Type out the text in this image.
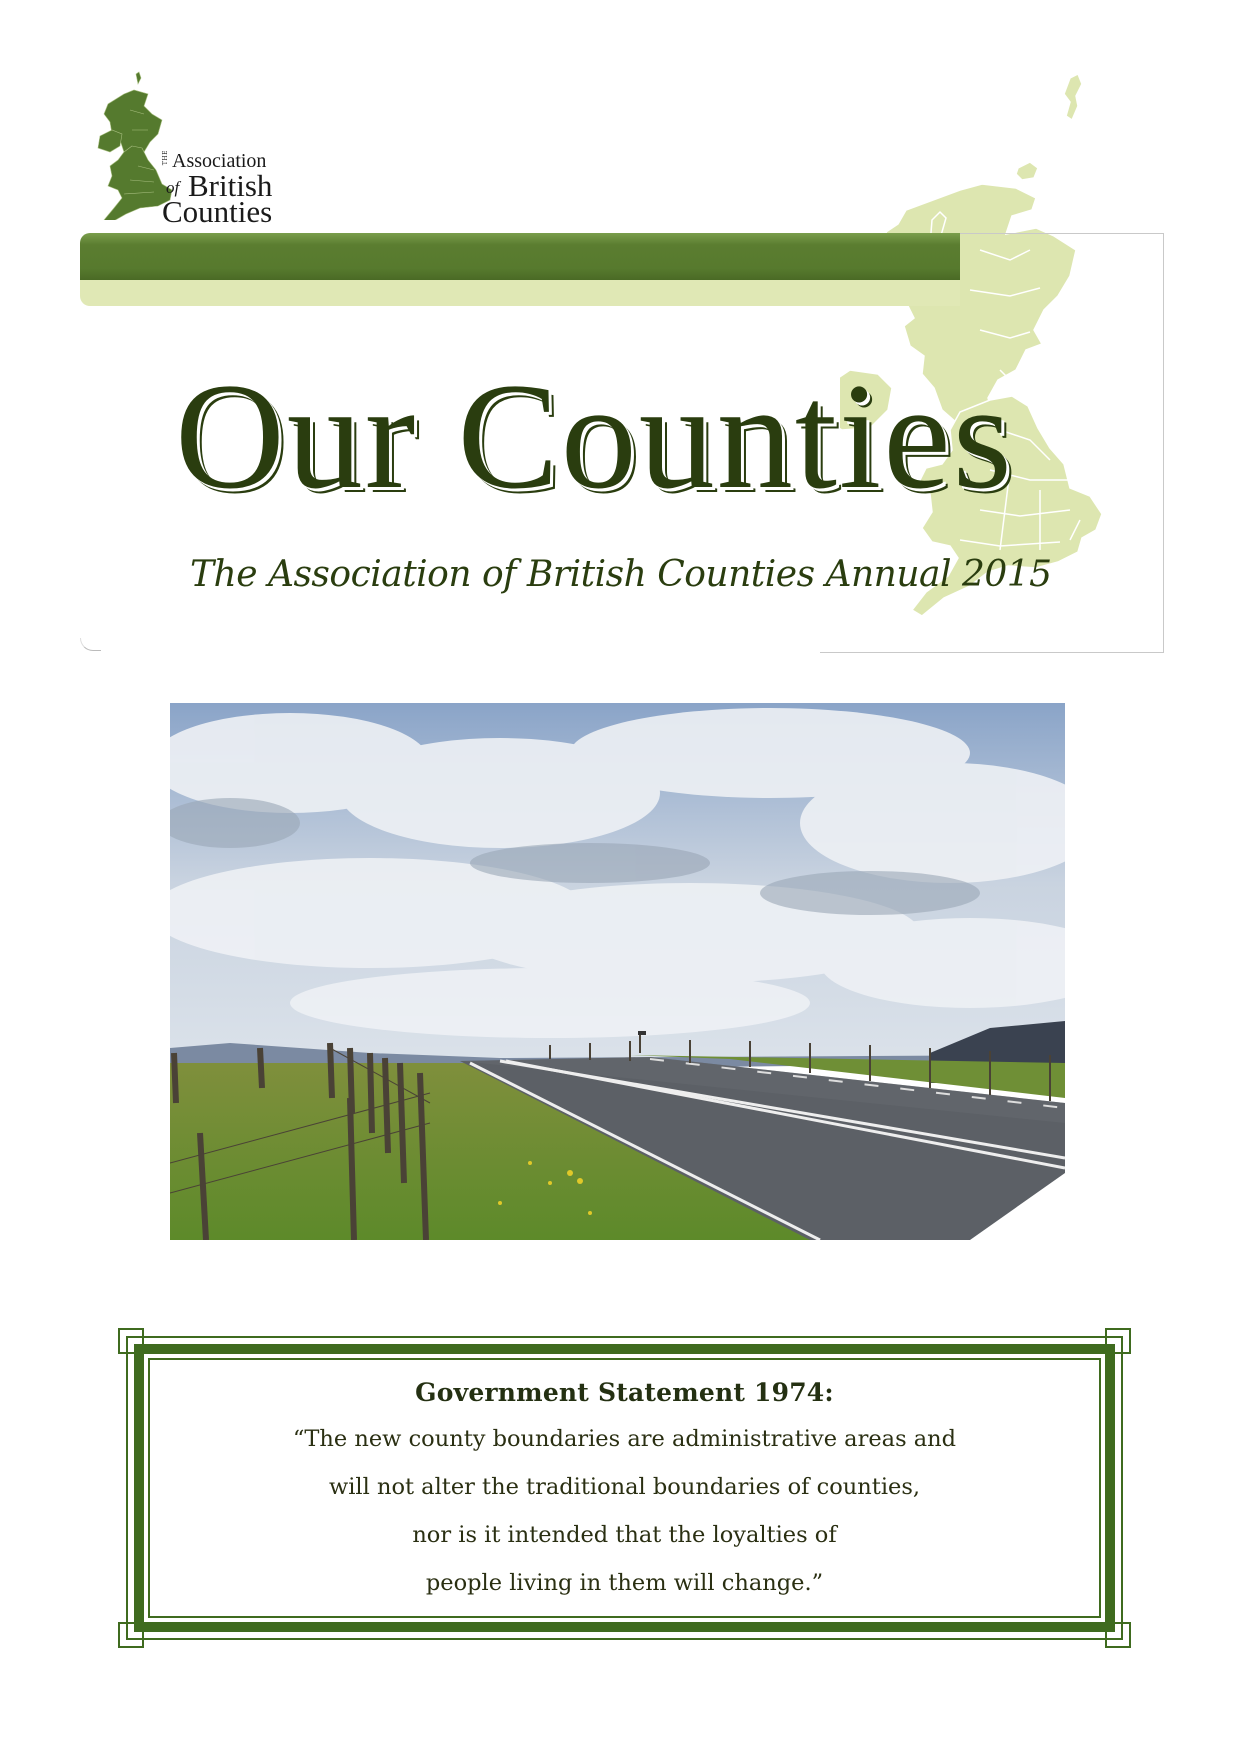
THE Association
of British
Counties
Our Counties
The Association of British Counties Annual 2015
Government Statement 1974:
“The new county boundaries are administrative areas and
will not alter the traditional boundaries of counties,
nor is it intended that the loyalties of
people living in them will change.”
